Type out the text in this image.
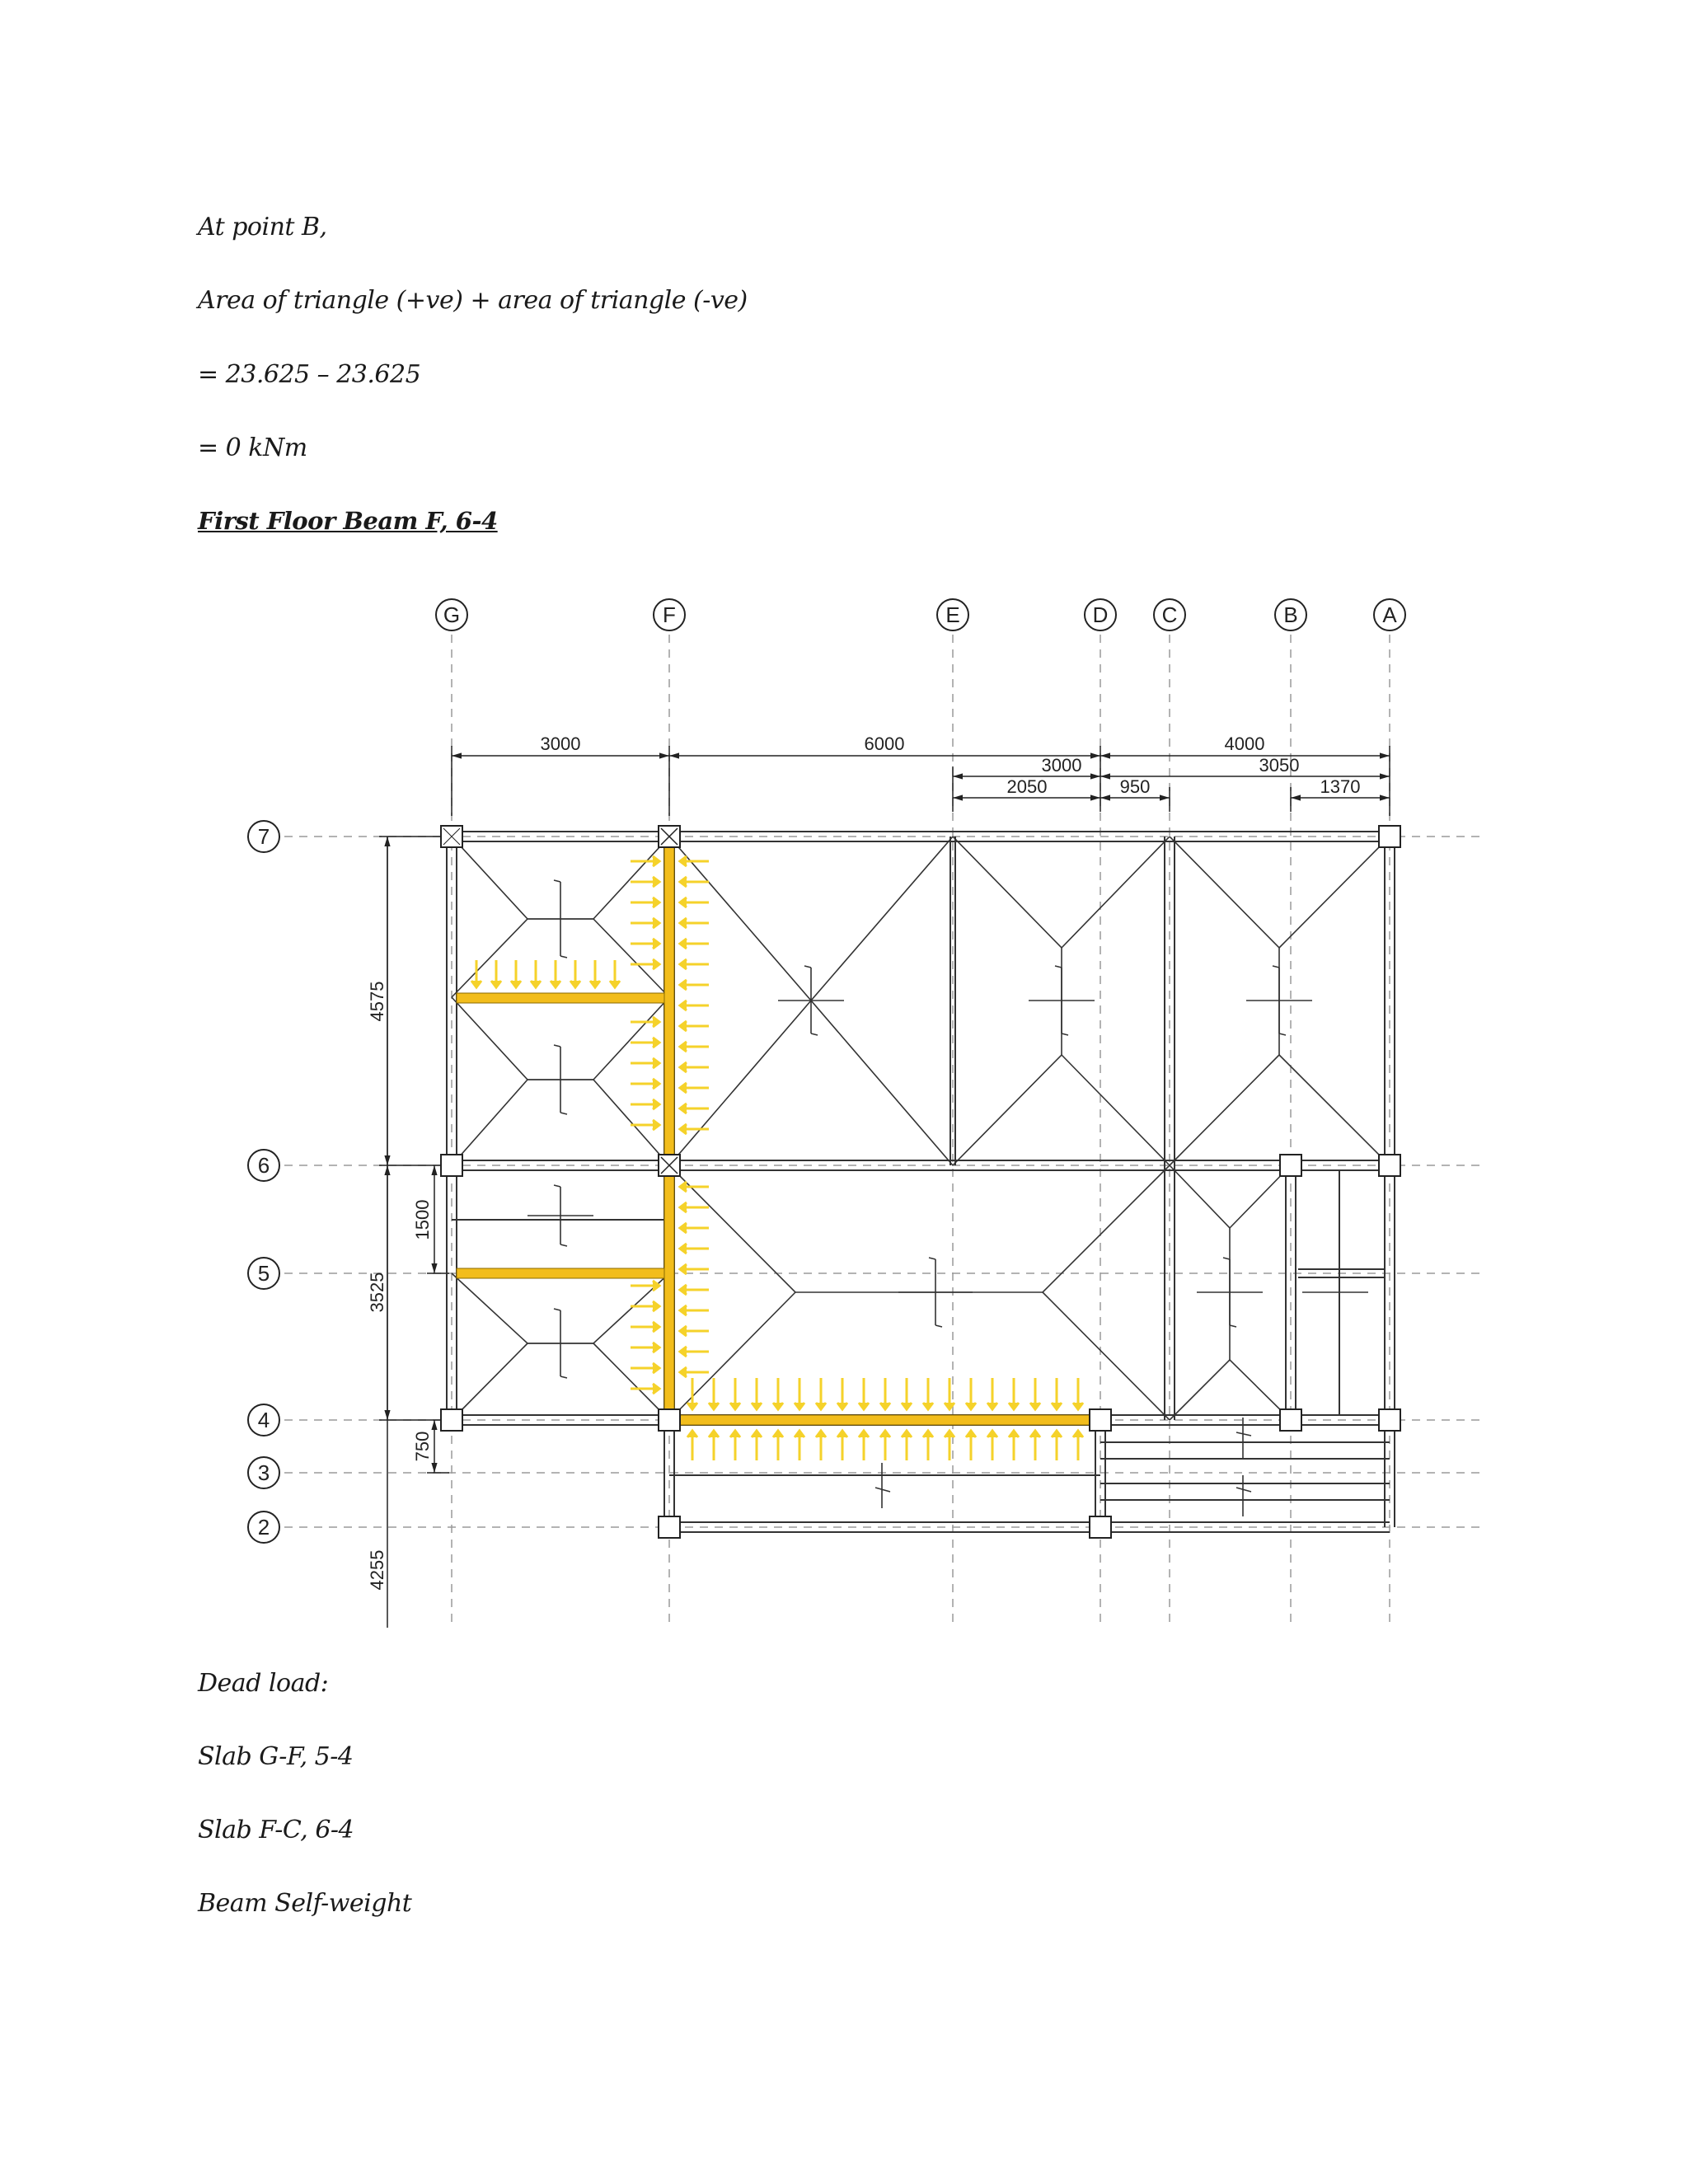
At point B,
Area of triangle (+ve) + area of triangle (-ve)
= 23.625 – 23.625
= 0 kNm
First Floor Beam F, 6-4
G	F	E	D	C	B	A
7
6
5
4
3
2
3000	6000	4000
3000	3050
2050	950	1370
4575
3525
1500
750
4255
Dead load:
Slab G-F, 5-4
Slab F-C, 6-4
Beam Self-weight
